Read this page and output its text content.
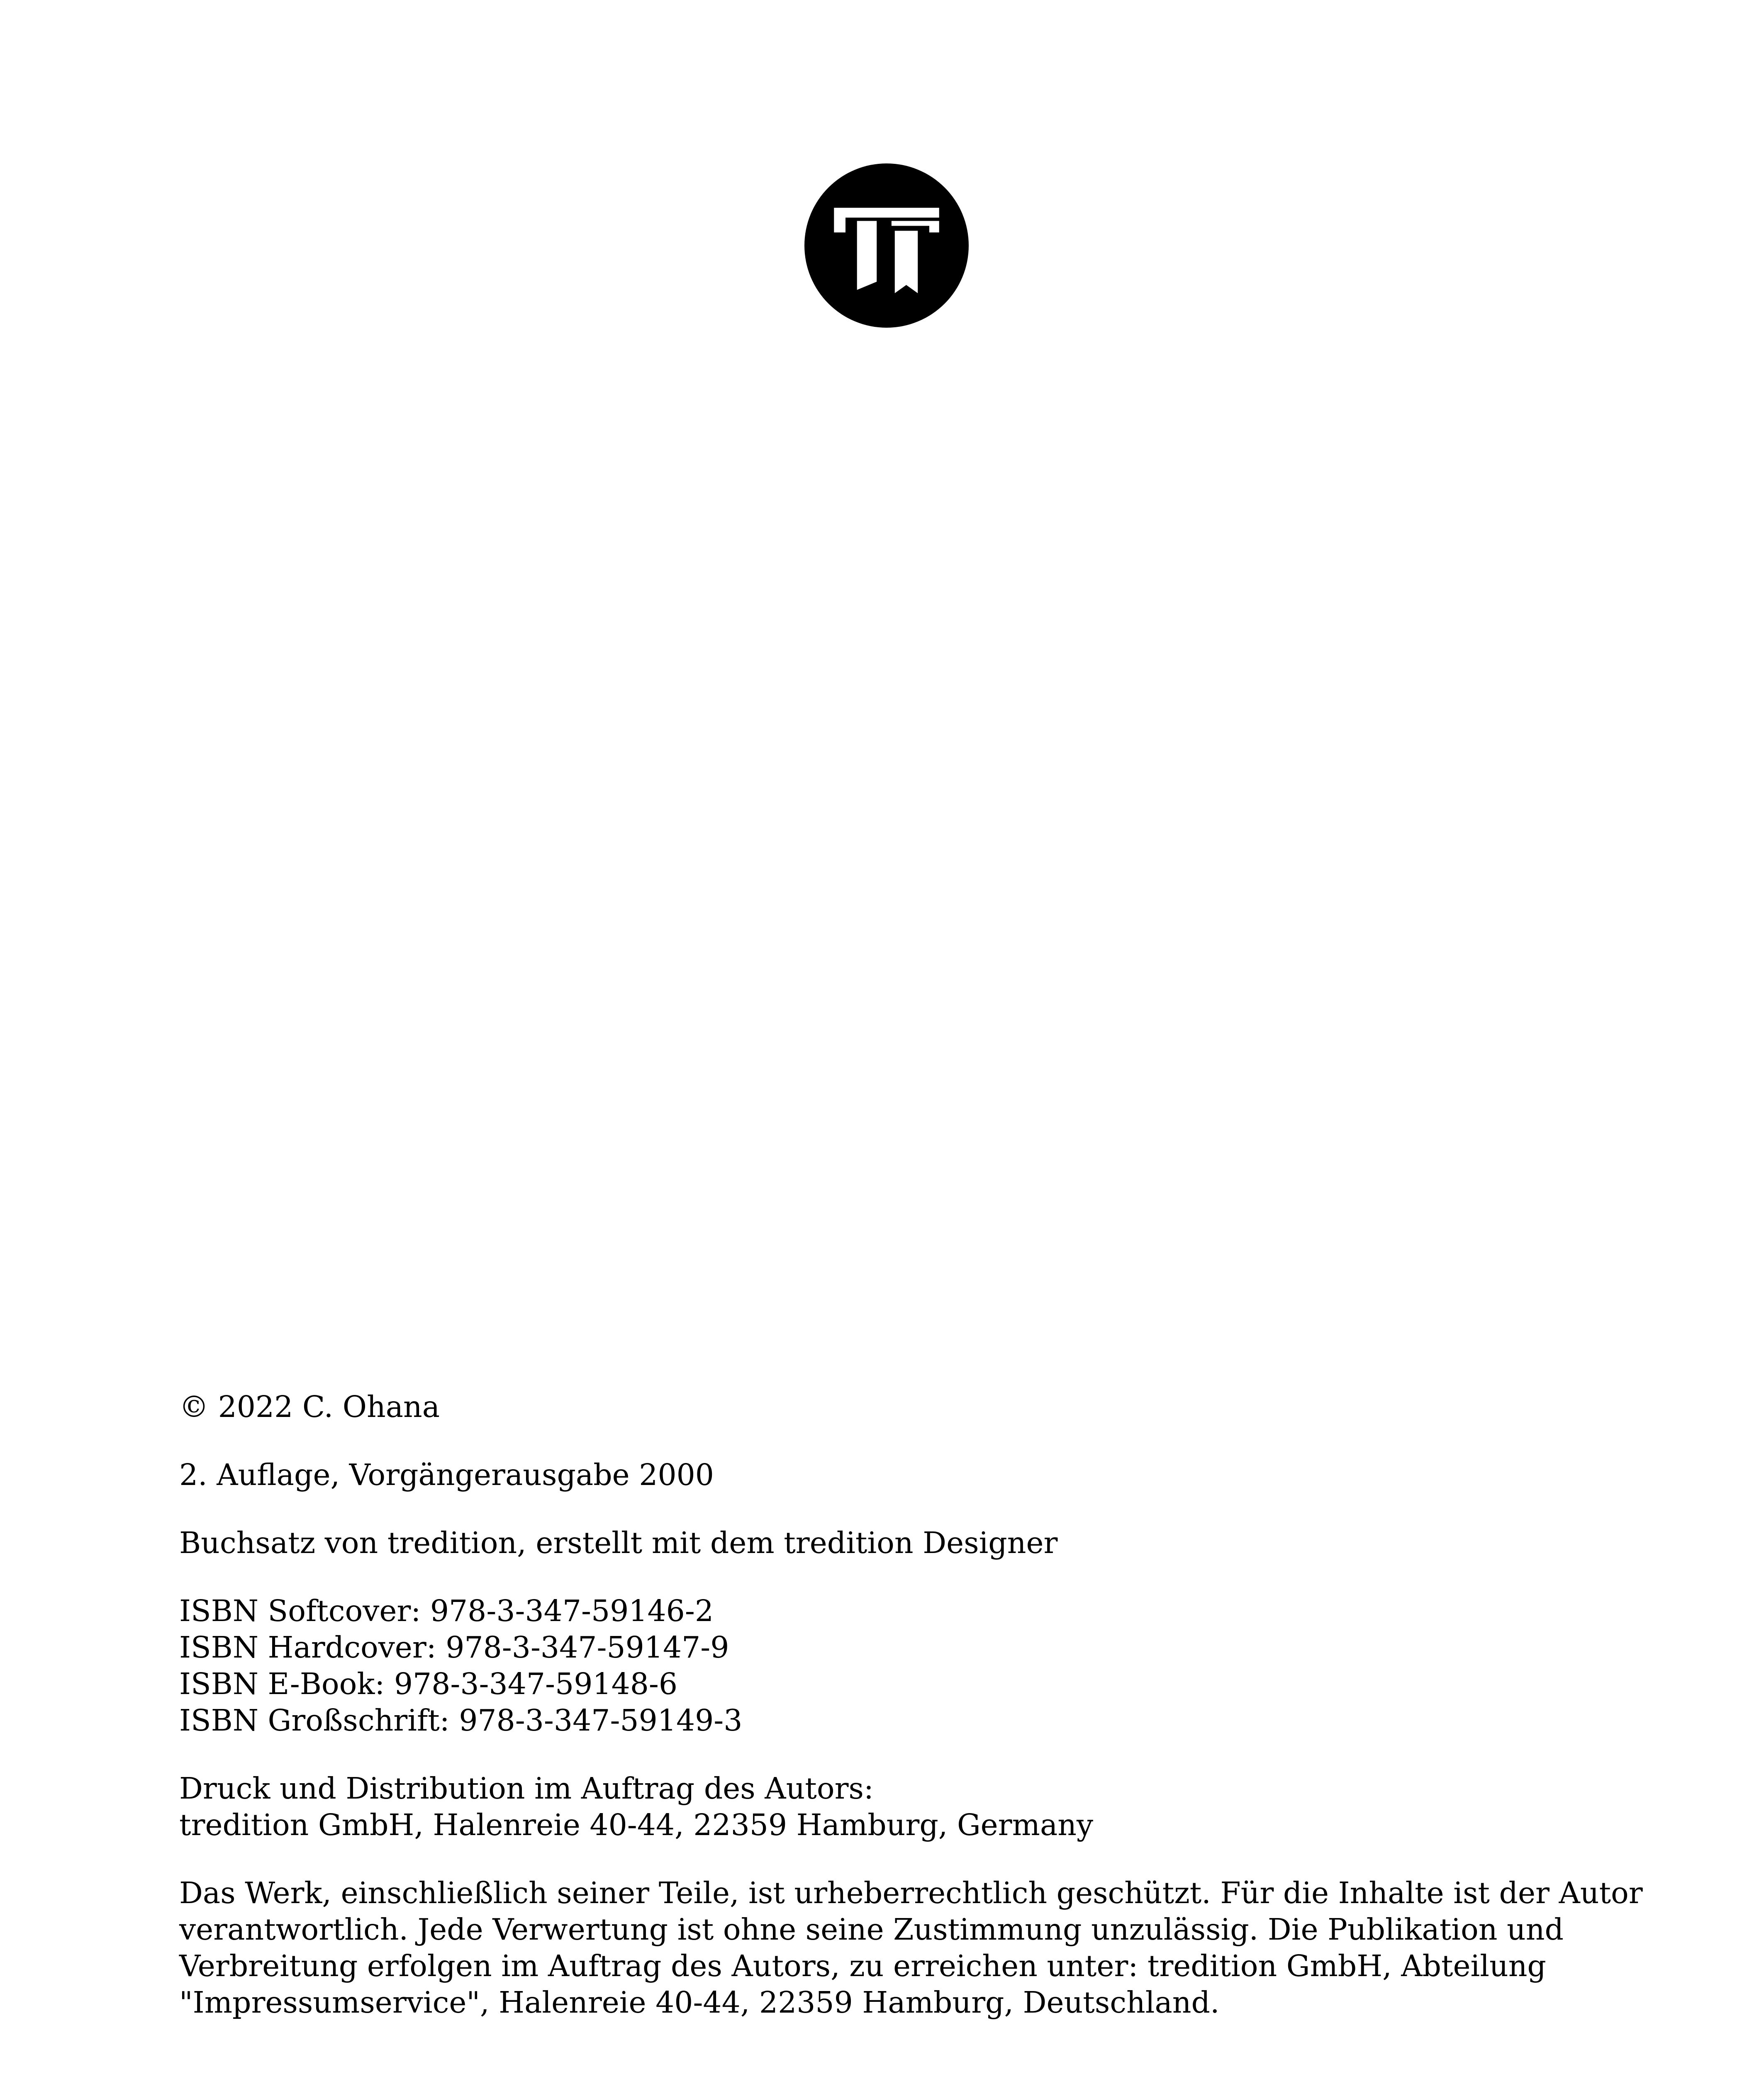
© 2022 C. Ohana
2. Auflage, Vorgängerausgabe 2000
Buchsatz von tredition, erstellt mit dem tredition Designer
ISBN Softcover: 978-3-347-59146-2
ISBN Hardcover: 978-3-347-59147-9
ISBN E-Book: 978-3-347-59148-6
ISBN Großschrift: 978-3-347-59149-3
Druck und Distribution im Auftrag des Autors:
tredition GmbH, Halenreie 40-44, 22359 Hamburg, Germany
Das Werk, einschließlich seiner Teile, ist urheberrechtlich geschützt. Für die Inhalte ist der Autor
verantwortlich. Jede Verwertung ist ohne seine Zustimmung unzulässig. Die Publikation und
Verbreitung erfolgen im Auftrag des Autors, zu erreichen unter: tredition GmbH, Abteilung
"Impressumservice", Halenreie 40-44, 22359 Hamburg, Deutschland.
